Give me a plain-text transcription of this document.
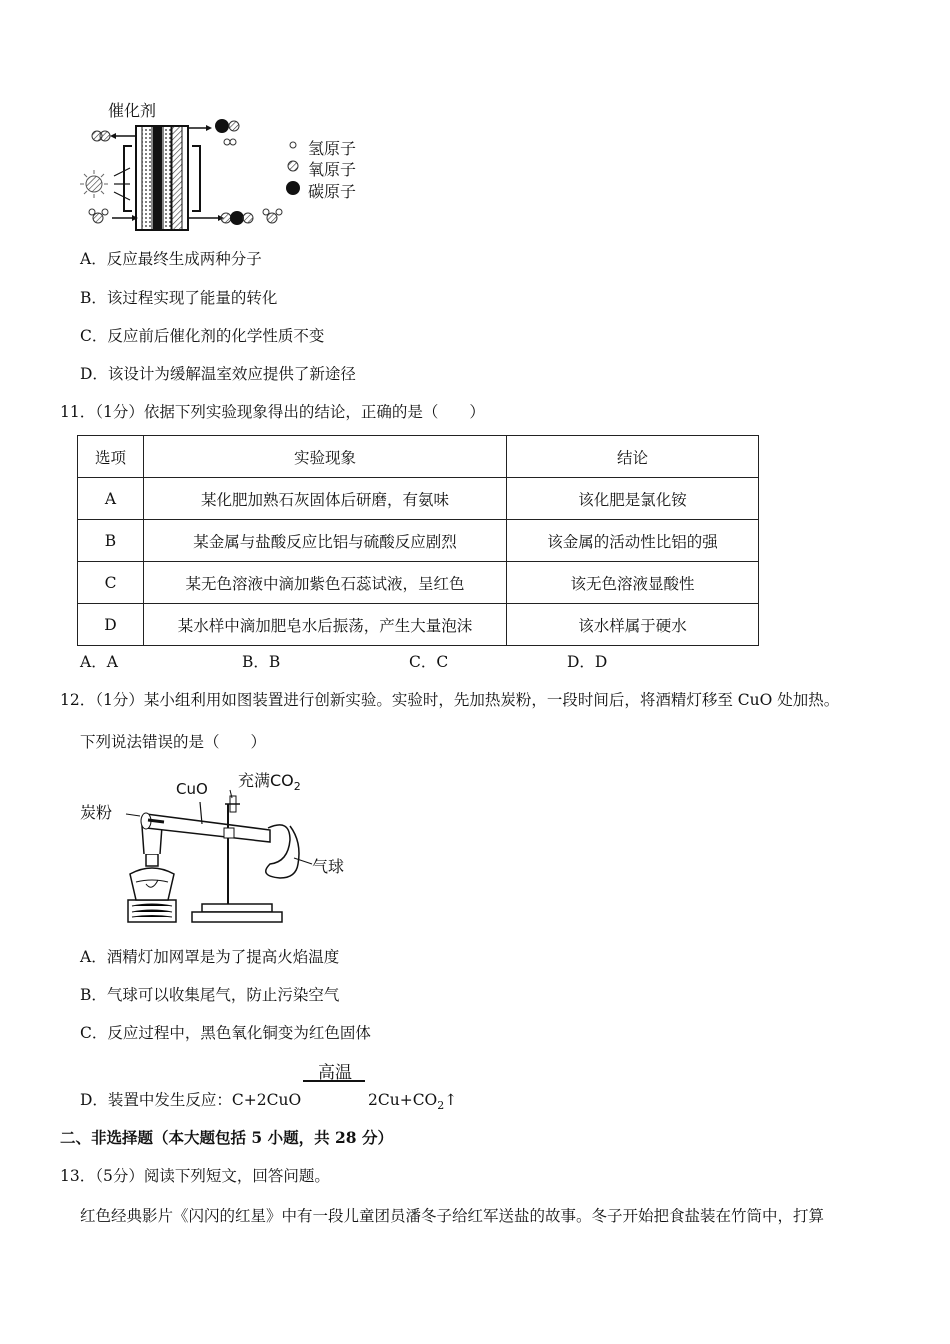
催化剂
氢原子
氧原子
碳原子
A．反应最终生成两种分子
B．该过程实现了能量的转化
C．反应前后催化剂的化学性质不变
D．该设计为缓解温室效应提供了新途径
11．（1分）依据下列实验现象得出的结论，正确的是（　　）
选项	实验现象	结论
A	某化肥加熟石灰固体后研磨，有氨味	该化肥是氯化铵
B	某金属与盐酸反应比铝与硫酸反应剧烈	该金属的活动性比铝的强
C	某无色溶液中滴加紫色石蕊试液，呈红色	该无色溶液显酸性
D	某水样中滴加肥皂水后振荡，产生大量泡沫	该水样属于硬水
A．A	B．B	C．C	D．D
12．（1分）某小组利用如图装置进行创新实验。实验时，先加热炭粉，一段时间后，将酒精灯移至 CuO 处加热。
下列说法错误的是（　　）
炭粉
CuO 充满$CO_2$
气球
A．酒精灯加网罩是为了提高火焰温度
B．气球可以收集尾气，防止污染空气
C．反应过程中，黑色氧化铜变为红色固体
高温
D．装置中发生反应：C+2CuO	$2Cu+CO_2↑$
二、非选择题（本大题包括 5 小题，共 28 分）
13．（5分）阅读下列短文，回答问题。
红色经典影片《闪闪的红星》中有一段儿童团员潘冬子给红军送盐的故事。冬子开始把食盐装在竹筒中，打算
